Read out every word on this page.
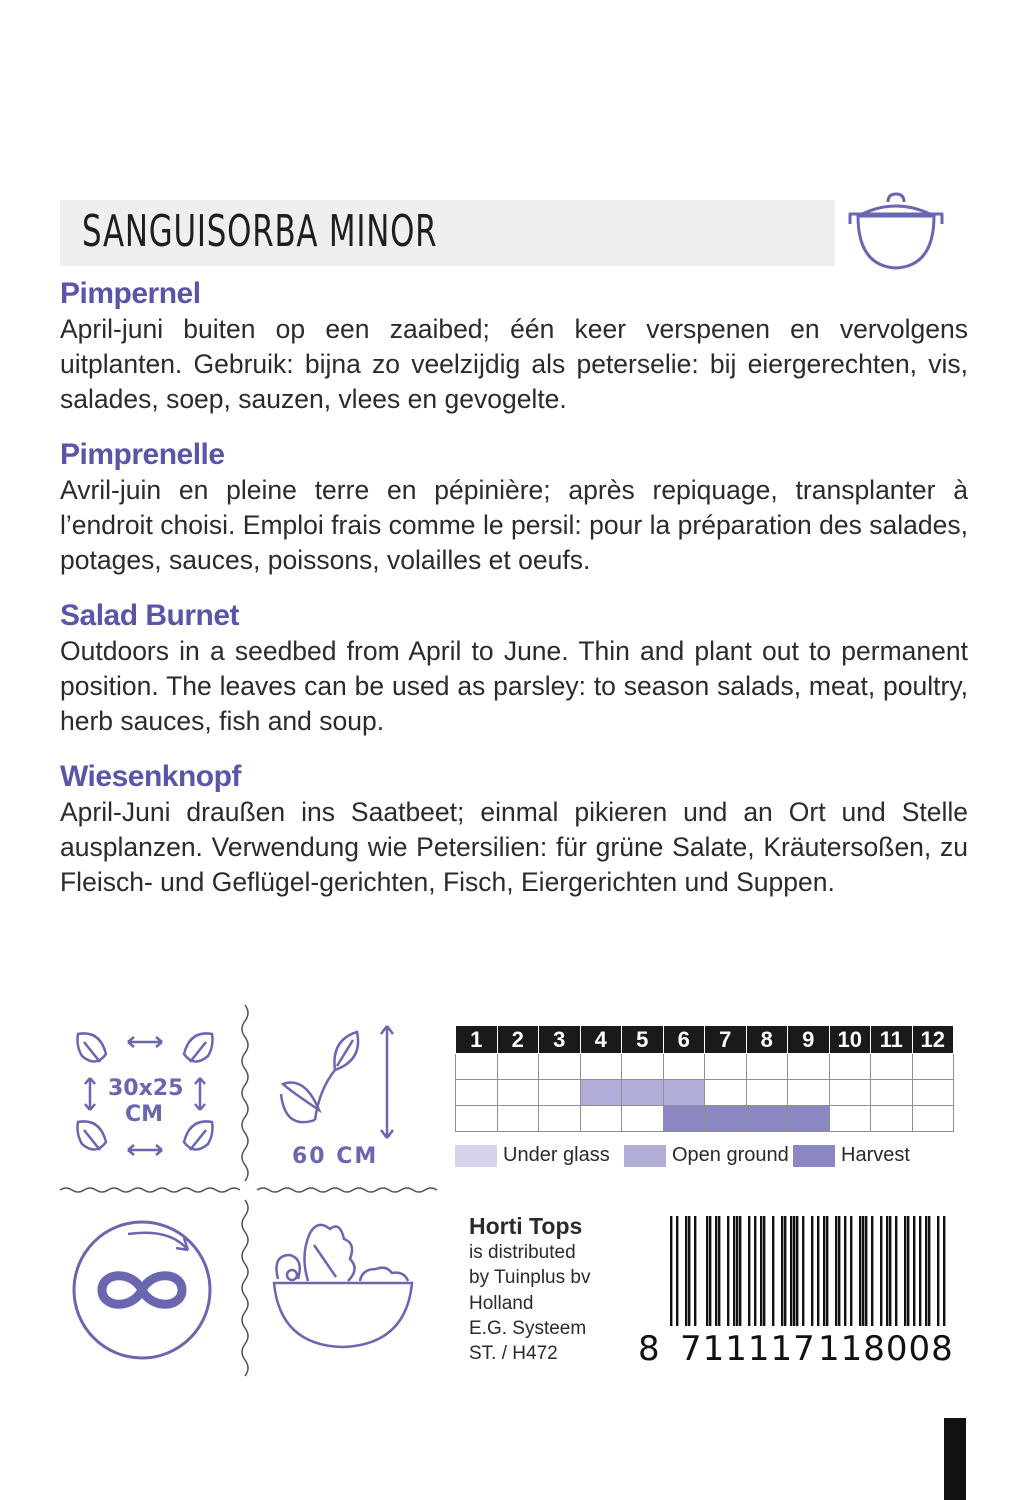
SANGUISORBA MINOR
Pimpernel
April-juni buiten op een zaaibed; één keer verspenen en vervolgens uitplanten. Gebruik: bijna zo veelzijdig als peterselie: bij eiergerechten, vis, salades, soep, sauzen, vlees en gevogelte.
Pimprenelle
Avril-juin en pleine terre en pépinière; après repiquage, transplanter à l’endroit choisi. Emploi frais comme le persil: pour la préparation des salades, potages, sauces, poissons, volailles et oeufs.
Salad Burnet
Outdoors in a seedbed from April to June. Thin and plant out to permanent position. The leaves can be used as parsley: to season salads, meat, poultry, herb sauces, fish and soup.
Wiesenknopf
April-Juni draußen ins Saatbeet; einmal pikieren und an Ort und Stelle ausplanzen. Verwendung wie Petersilien: für grüne Salate, Kräutersoßen, zu Fleisch- und Geflügel-gerichten, Fisch, Eiergerichten und Suppen.
30x25
CM
60 CM
1	2	3	4	5	6	7	8	9	10	11	12

Under glass	Open ground	Harvest
Horti Tops
is distributed
by Tuinplus bv
Holland
E.G. Systeem
ST. / H472	8 711117 118008
